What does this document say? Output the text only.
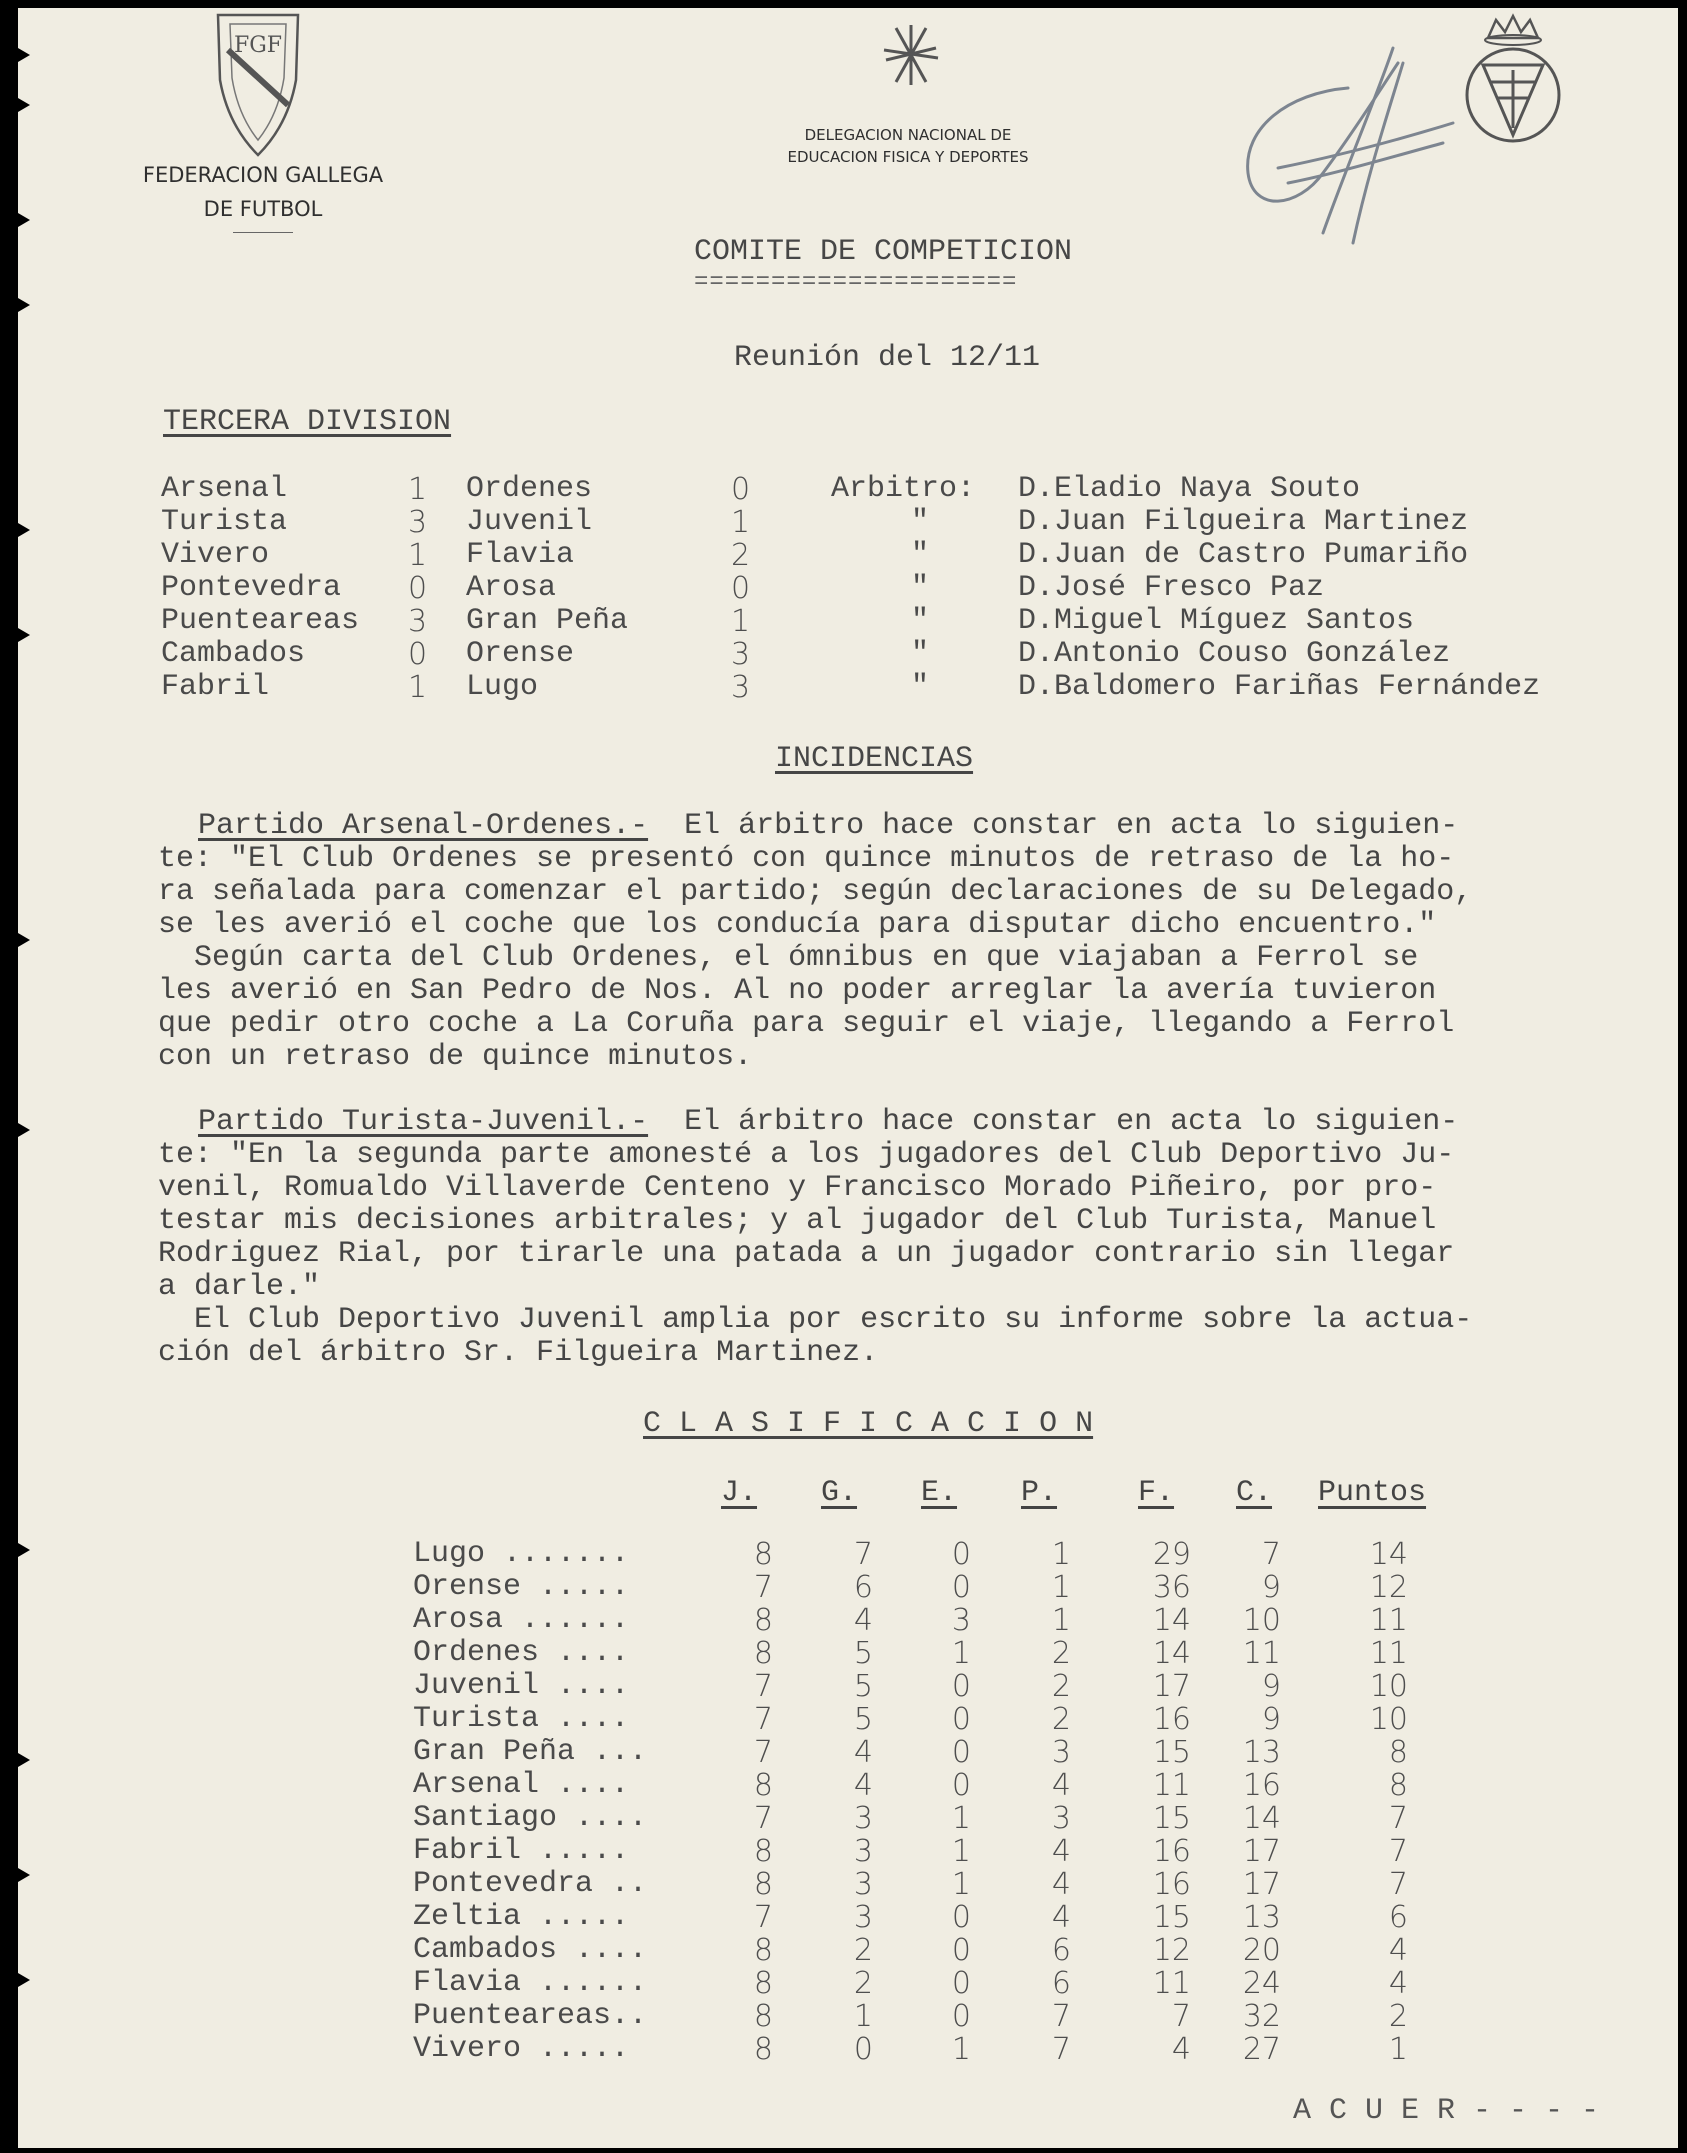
FGF
FEDERACION GALLEGA
DE FUTBOL
DELEGACION NACIONAL DE
EDUCACION FISICA Y DEPORTES
COMITE DE COMPETICION
=====================
Reunión del 12/11
TERCERA DIVISION
Arsenal
Turista
Vivero
Pontevedra
Puenteareas
Cambados
Fabril
1
3
1
0
3
0
1
Ordenes
Juvenil
Flavia
Arosa
Gran Peña
Orense
Lugo
0
1
2
0
1
3
3
Arbitro:
"
"
"
"
"
"
D.Eladio Naya Souto
D.Juan Filgueira Martinez
D.Juan de Castro Pumariño
D.José Fresco Paz
D.Miguel Míguez Santos
D.Antonio Couso González
D.Baldomero Fariñas Fernández
INCIDENCIAS
Partido Arsenal-Ordenes.- El árbitro hace constar en acta lo siguien-
te: "El Club Ordenes se presentó con quince minutos de retraso de la ho-
ra señalada para comenzar el partido; según declaraciones de su Delegado,
se les averió el coche que los conducía para disputar dicho encuentro."
Según carta del Club Ordenes, el ómnibus en que viajaban a Ferrol se
les averió en San Pedro de Nos. Al no poder arreglar la avería tuvieron
que pedir otro coche a La Coruña para seguir el viaje, llegando a Ferrol
con un retraso de quince minutos.
Partido Turista-Juvenil.- El árbitro hace constar en acta lo siguien-
te: "En la segunda parte amonesté a los jugadores del Club Deportivo Ju-
venil, Romualdo Villaverde Centeno y Francisco Morado Piñeiro, por pro-
testar mis decisiones arbitrales; y al jugador del Club Turista, Manuel
Rodriguez Rial, por tirarle una patada a un jugador contrario sin llegar
a darle."
El Club Deportivo Juvenil amplia por escrito su informe sobre la actua-
ción del árbitro Sr. Filgueira Martinez.
C L A S I F I C A C I O N
J. G. E. P.	F. C. Puntos
Lugo .......
Orense .....
Arosa ......
Ordenes ....
Juvenil ....
Turista ....
Gran Peña ...
Arsenal ....
Santiago ....
Fabril .....
Pontevedra ..
Zeltia .....
Cambados ....
Flavia ......
Puenteareas..
Vivero .....
8
7
8
8
7
7
7
8
7
8
8
7
8
8
8
8
7
6
4
5
5
5
4
4
3
3
3
3
2
2
1
0
0
0
3
1
0
0
0
0
1
1
1
0
0
0
0
1
1
1
1
2
2
2
3
4
3
4
4
4
6
6
7
7
29
36
14
14
17
16
15
11
15
16
16
15
12
11
7
4
7
9
10
11
9
9
13
16
14
17
17
13
20
24
32
27
14
12
11
11
10
10
8
8
7
7
7
6
4
4
2
1
A C U E R - - - -
